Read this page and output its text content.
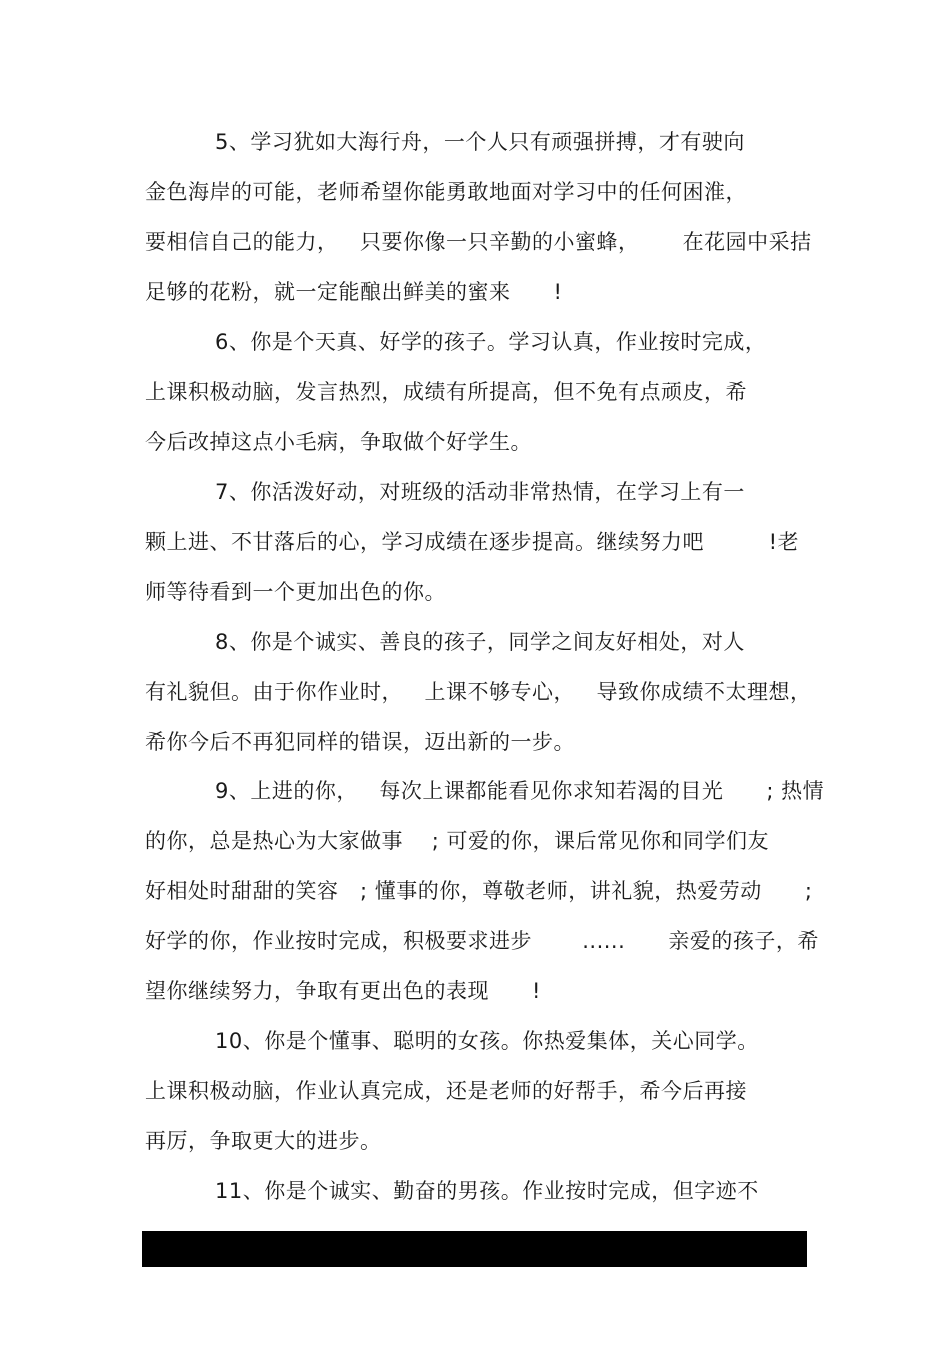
5、学习犹如大海行舟，一个人只有顽强拼搏，才有驶向
金色海岸的可能，老师希望你能勇敢地面对学习中的任何困淮，
要相信自己的能力，   只要你像一只辛勤的小蜜蜂，      在花园中采拮
足够的花粉，就一定能酿出鲜美的蜜来      !
6、你是个天真、好学的孩子。学习认真，作业按时完成，
上课积极动脑，发言热烈，成绩有所提高，但不免有点顽皮，希
今后改掉这点小毛病，争取做个好学生。
7、你活泼好动，对班级的活动非常热情，在学习上有一
颗上进、不甘落后的心，学习成绩在逐步提高。继续努力吧         !老
师等待看到一个更加出色的你。
8、你是个诚实、善良的孩子，同学之间友好相处，对人
有礼貌但。由于你作业时，   上课不够专心，   导致你成绩不太理想，
希你今后不再犯同样的错误，迈出新的一步。
9、上进的你，   每次上课都能看见你求知若渴的目光      ; 热情
的你，总是热心为大家做事    ; 可爱的你，课后常见你和同学们友
好相处时甜甜的笑容   ; 懂事的你，尊敬老师，讲礼貌，热爱劳动      ;
好学的你，作业按时完成，积极要求进步       ......      亲爱的孩子，希
望你继续努力，争取有更出色的表现      !
10、你是个懂事、聪明的女孩。你热爱集体，关心同学。
上课积极动脑，作业认真完成，还是老师的好帮手，希今后再接
再厉，争取更大的进步。
11、你是个诚实、勤奋的男孩。作业按时完成，但字迹不
